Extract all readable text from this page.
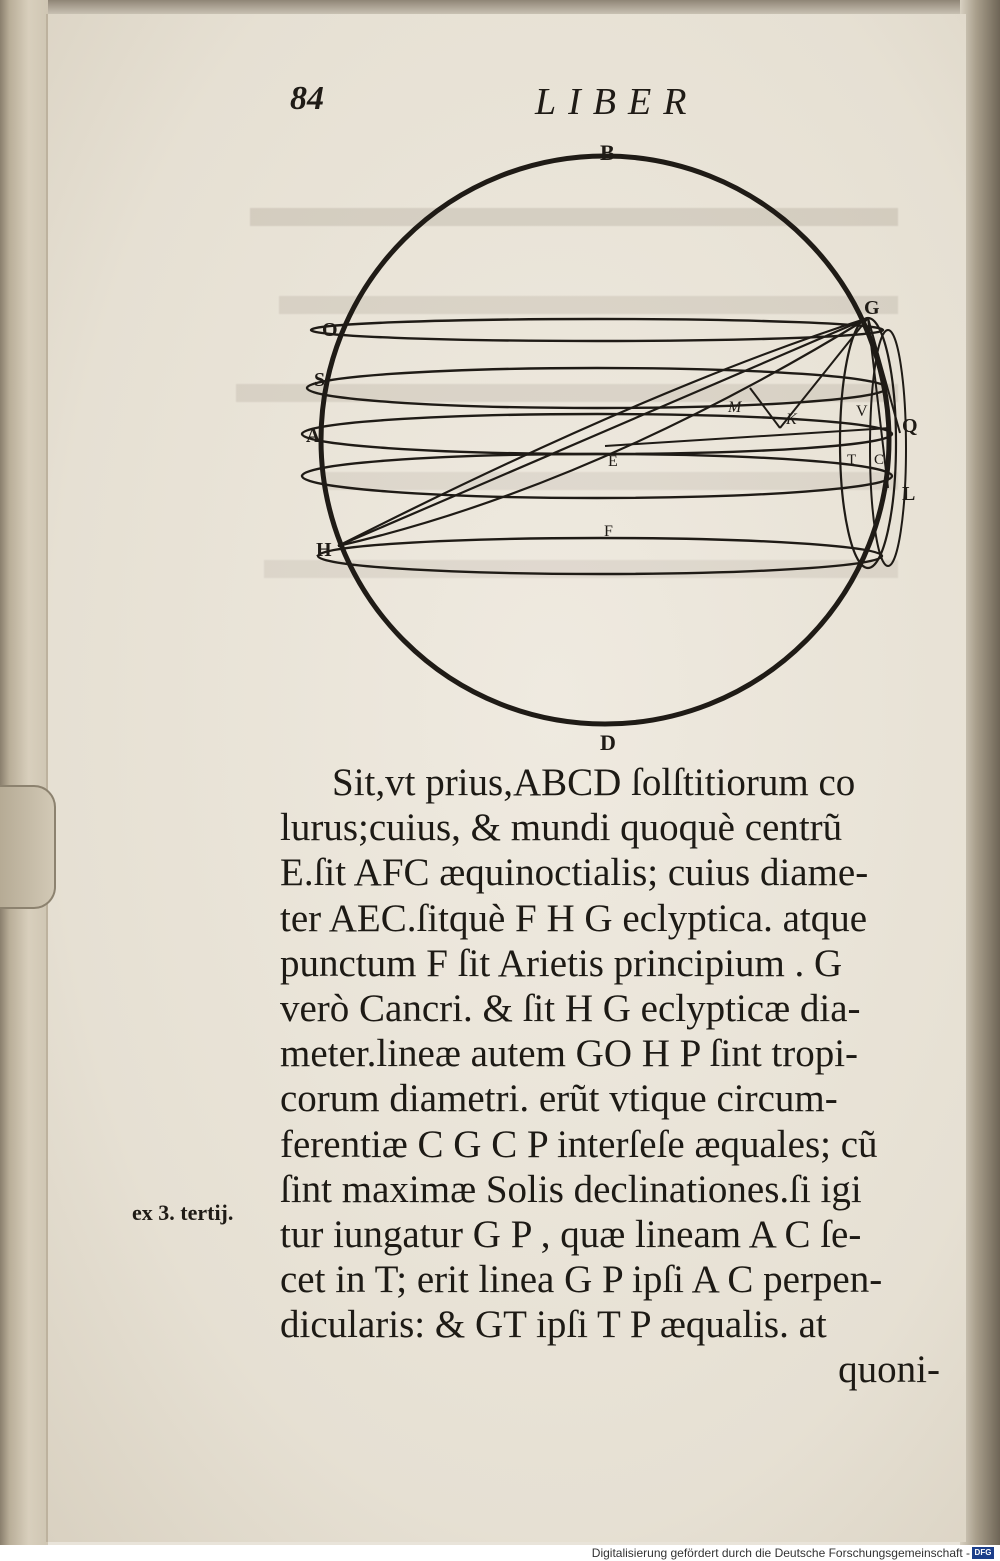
84	LIBER
B
D
O
S
A
H
G
Q
L
M
K	V
E	T C
F
Sit,vt prius,ABCD ſolſtitiorum co
lurus;cuius, & mundi quoquè centrũ
E.ſit AFC æquinoctialis; cuius diame-
ter AEC.ſitquè F H G eclyptica. atque
punctum F ſit Arietis principium . G
verò Cancri. & ſit H G eclypticæ dia-
meter.lineæ autem GO H P ſint tropi-
corum diametri. erũt vtique circum-
ferentiæ C G C P interſeſe æquales; cũ
ſint maximæ Solis declinationes.ſi igi
tur iungatur G P , quæ lineam A C ſe-
cet in T; erit linea G P ipſi A C perpen-
dicularis: & GT ipſi T P æqualis. at
quoni-
ex 3. tertij.
Digitalisierung gefördert durch die Deutsche Forschungsgemeinschaft - DFG
